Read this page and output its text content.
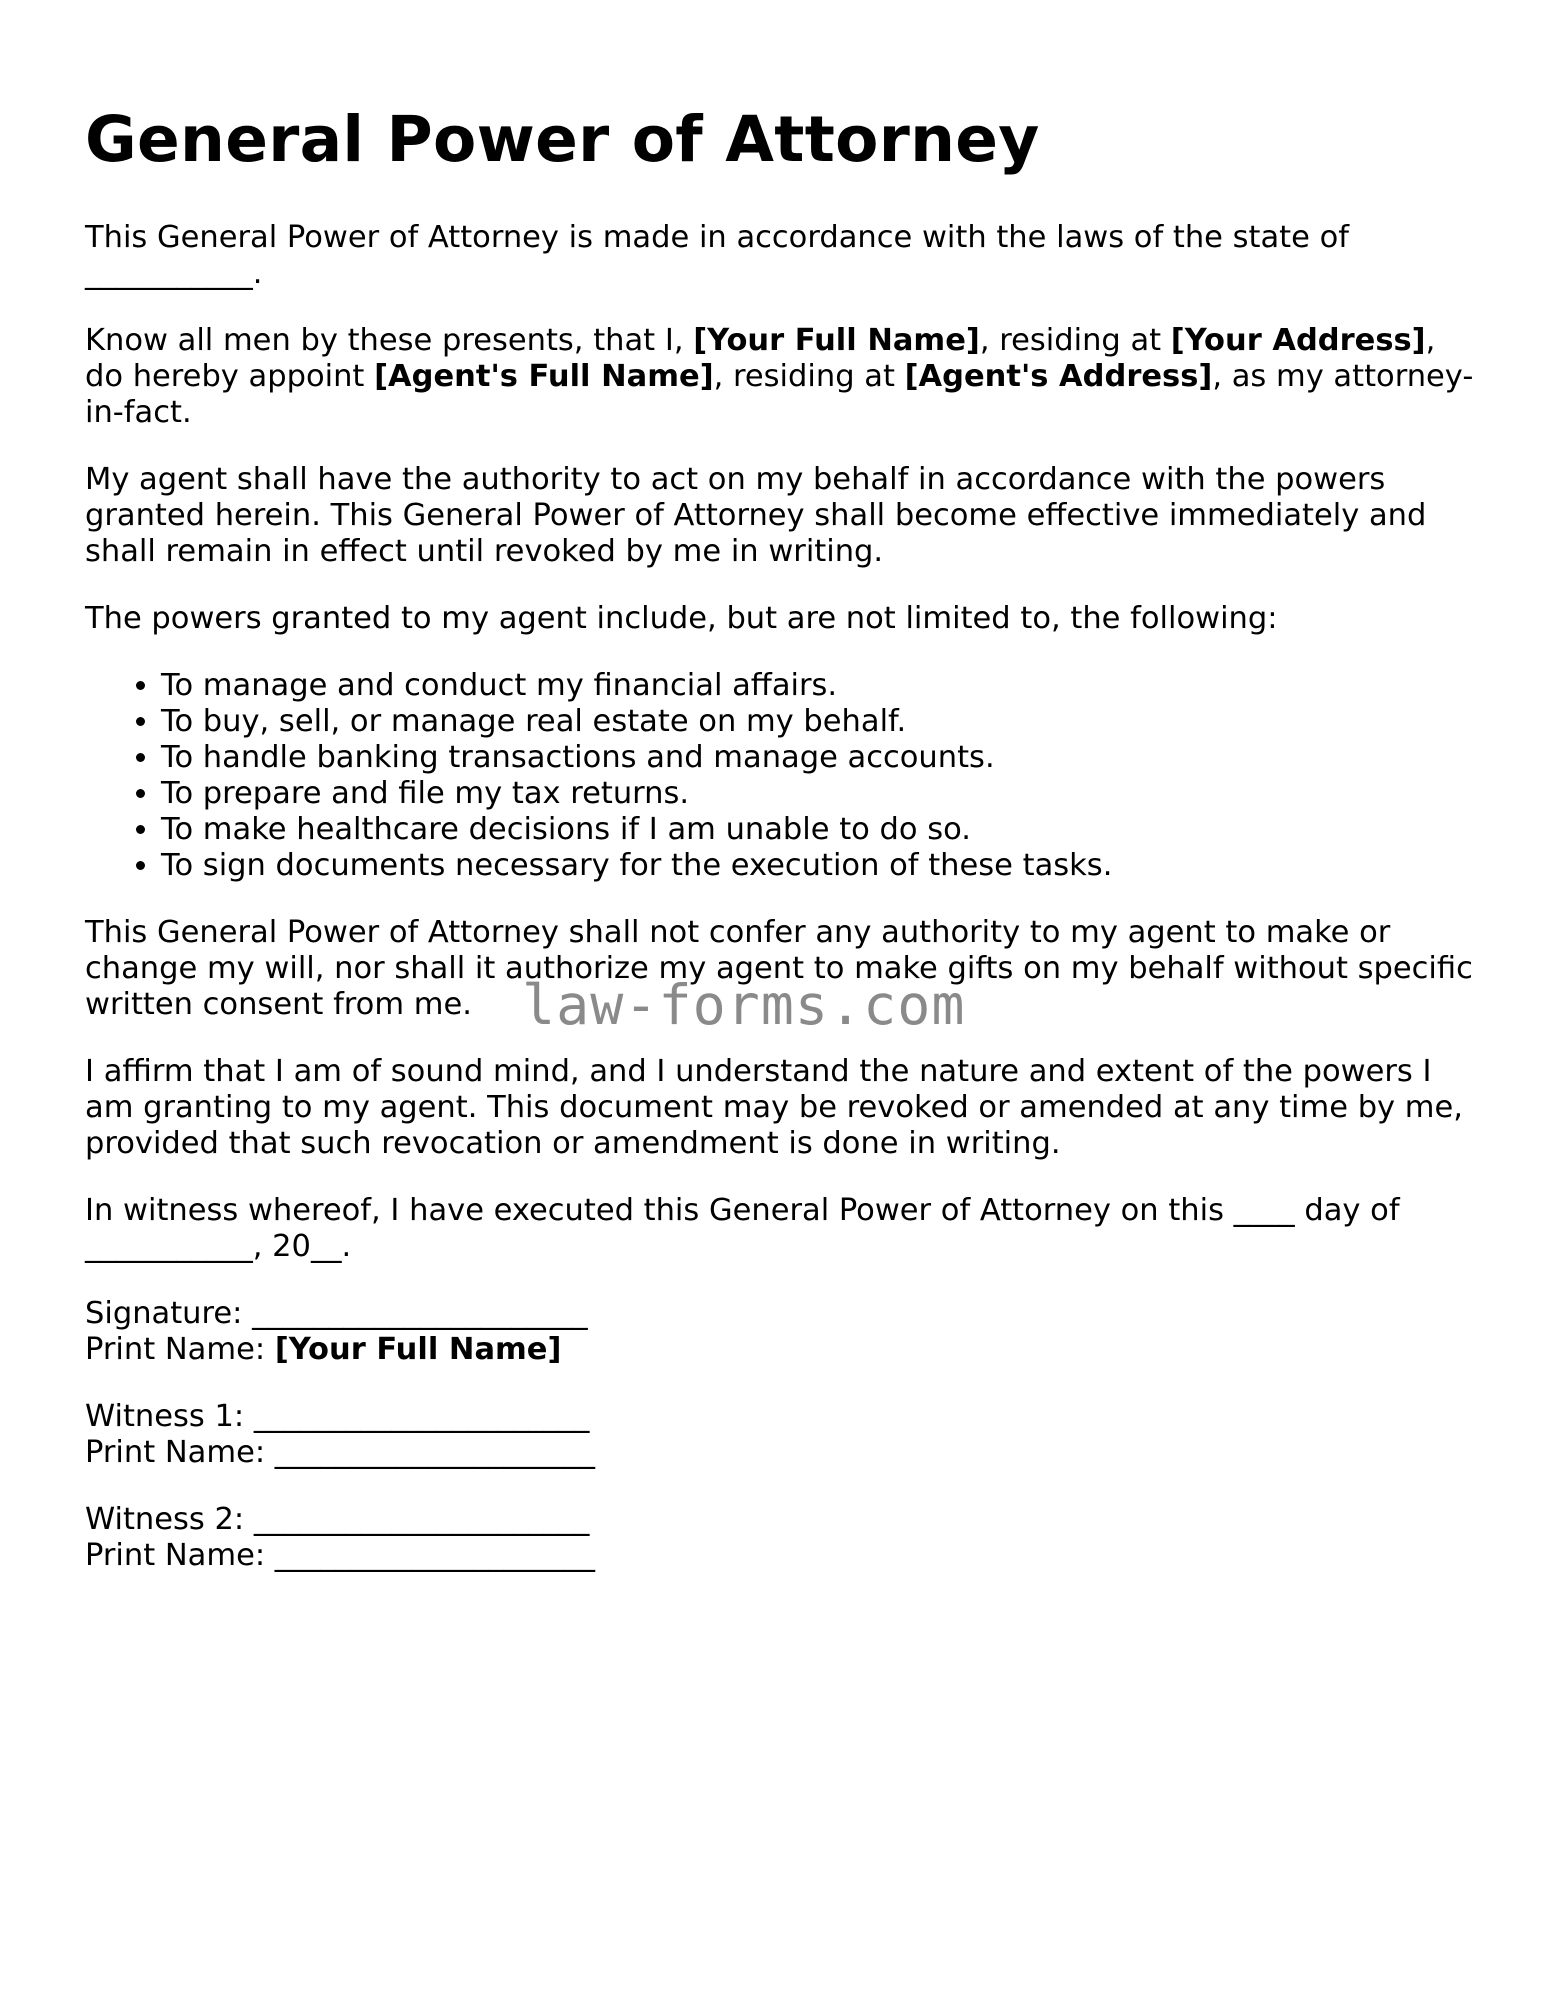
General Power of Attorney

This General Power of Attorney is made in accordance with the laws of the state of
___________.

Know all men by these presents, that I, [Your Full Name], residing at [Your Address], do hereby appoint [Agent's Full Name], residing at [Agent's Address], as my attorney-in-fact.

My agent shall have the authority to act on my behalf in accordance with the powers granted herein. This General Power of Attorney shall become effective immediately and shall remain in effect until revoked by me in writing.

The powers granted to my agent include, but are not limited to, the following:

• To manage and conduct my financial affairs.
• To buy, sell, or manage real estate on my behalf.
• To handle banking transactions and manage accounts.
• To prepare and file my tax returns.
• To make healthcare decisions if I am unable to do so.
• To sign documents necessary for the execution of these tasks.

This General Power of Attorney shall not confer any authority to my agent to make or change my will, nor shall it authorize my agent to make gifts on my behalf without specific written consent from me.

I affirm that I am of sound mind, and I understand the nature and extent of the powers I am granting to my agent. This document may be revoked or amended at any time by me, provided that such revocation or amendment is done in writing.

In witness whereof, I have executed this General Power of Attorney on this ____ day of
___________, 20__.

Signature: ______________________
Print Name: [Your Full Name]
Witness 1: ______________________
Print Name: _____________________
Witness 2: ______________________
Print Name: _____________________
law-forms.com
